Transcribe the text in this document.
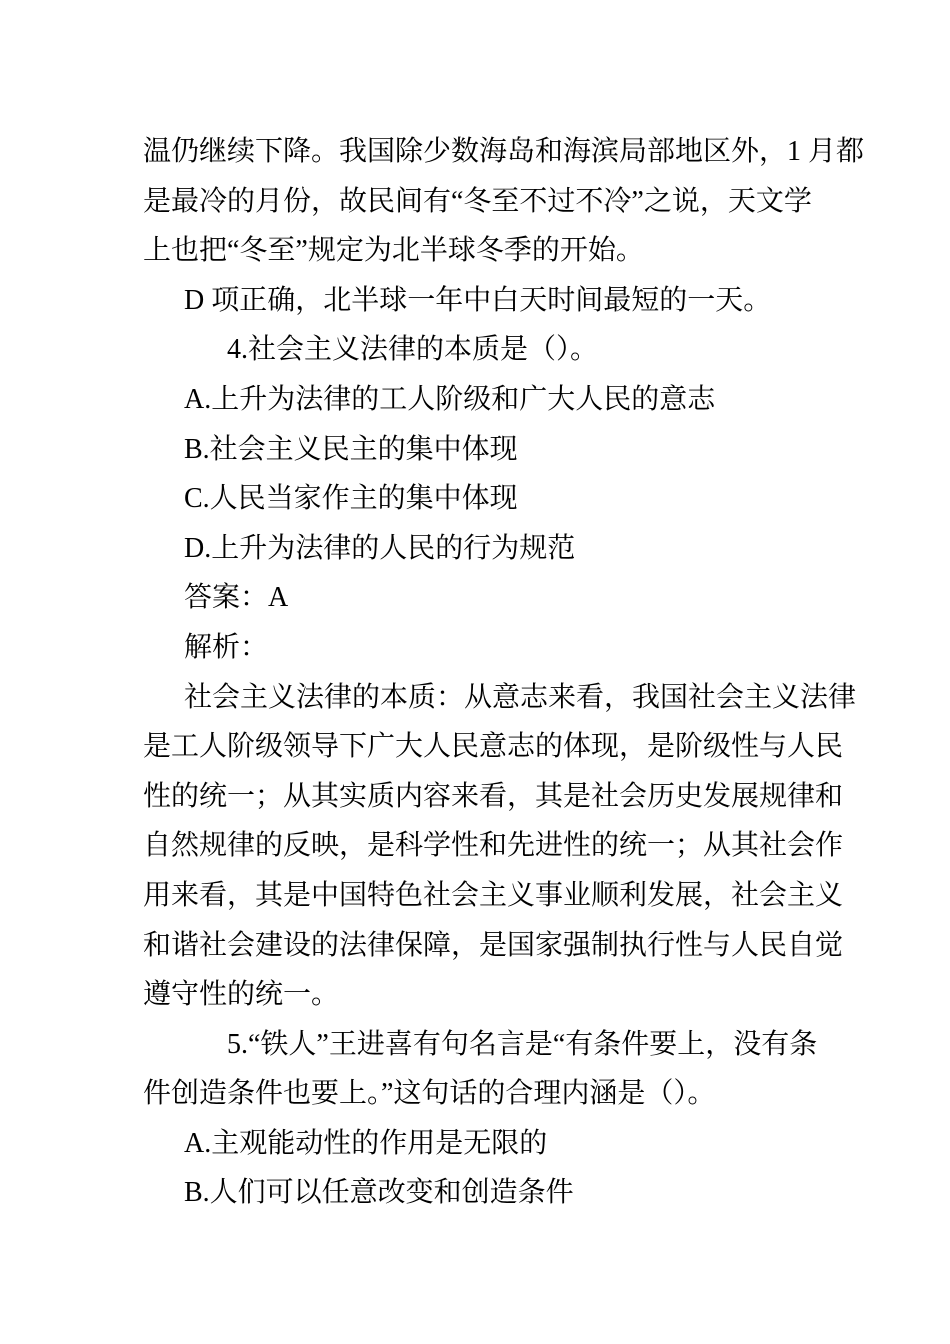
温仍继续下降。我国除少数海岛和海滨局部地区外，1 月都
是最冷的月份，故民间有“冬至不过不冷”之说，天文学
上也把“冬至”规定为北半球冬季的开始。
D 项正确，北半球一年中白天时间最短的一天。
4.社会主义法律的本质是（）。
A.上升为法律的工人阶级和广大人民的意志
B.社会主义民主的集中体现
C.人民当家作主的集中体现
D.上升为法律的人民的行为规范
答案：A
解析：
社会主义法律的本质：从意志来看，我国社会主义法律
是工人阶级领导下广大人民意志的体现，是阶级性与人民
性的统一；从其实质内容来看，其是社会历史发展规律和
自然规律的反映，是科学性和先进性的统一；从其社会作
用来看，其是中国特色社会主义事业顺利发展，社会主义
和谐社会建设的法律保障，是国家强制执行性与人民自觉
遵守性的统一。
5.“铁人”王进喜有句名言是“有条件要上，没有条
件创造条件也要上。”这句话的合理内涵是（）。
A.主观能动性的作用是无限的
B.人们可以任意改变和创造条件
